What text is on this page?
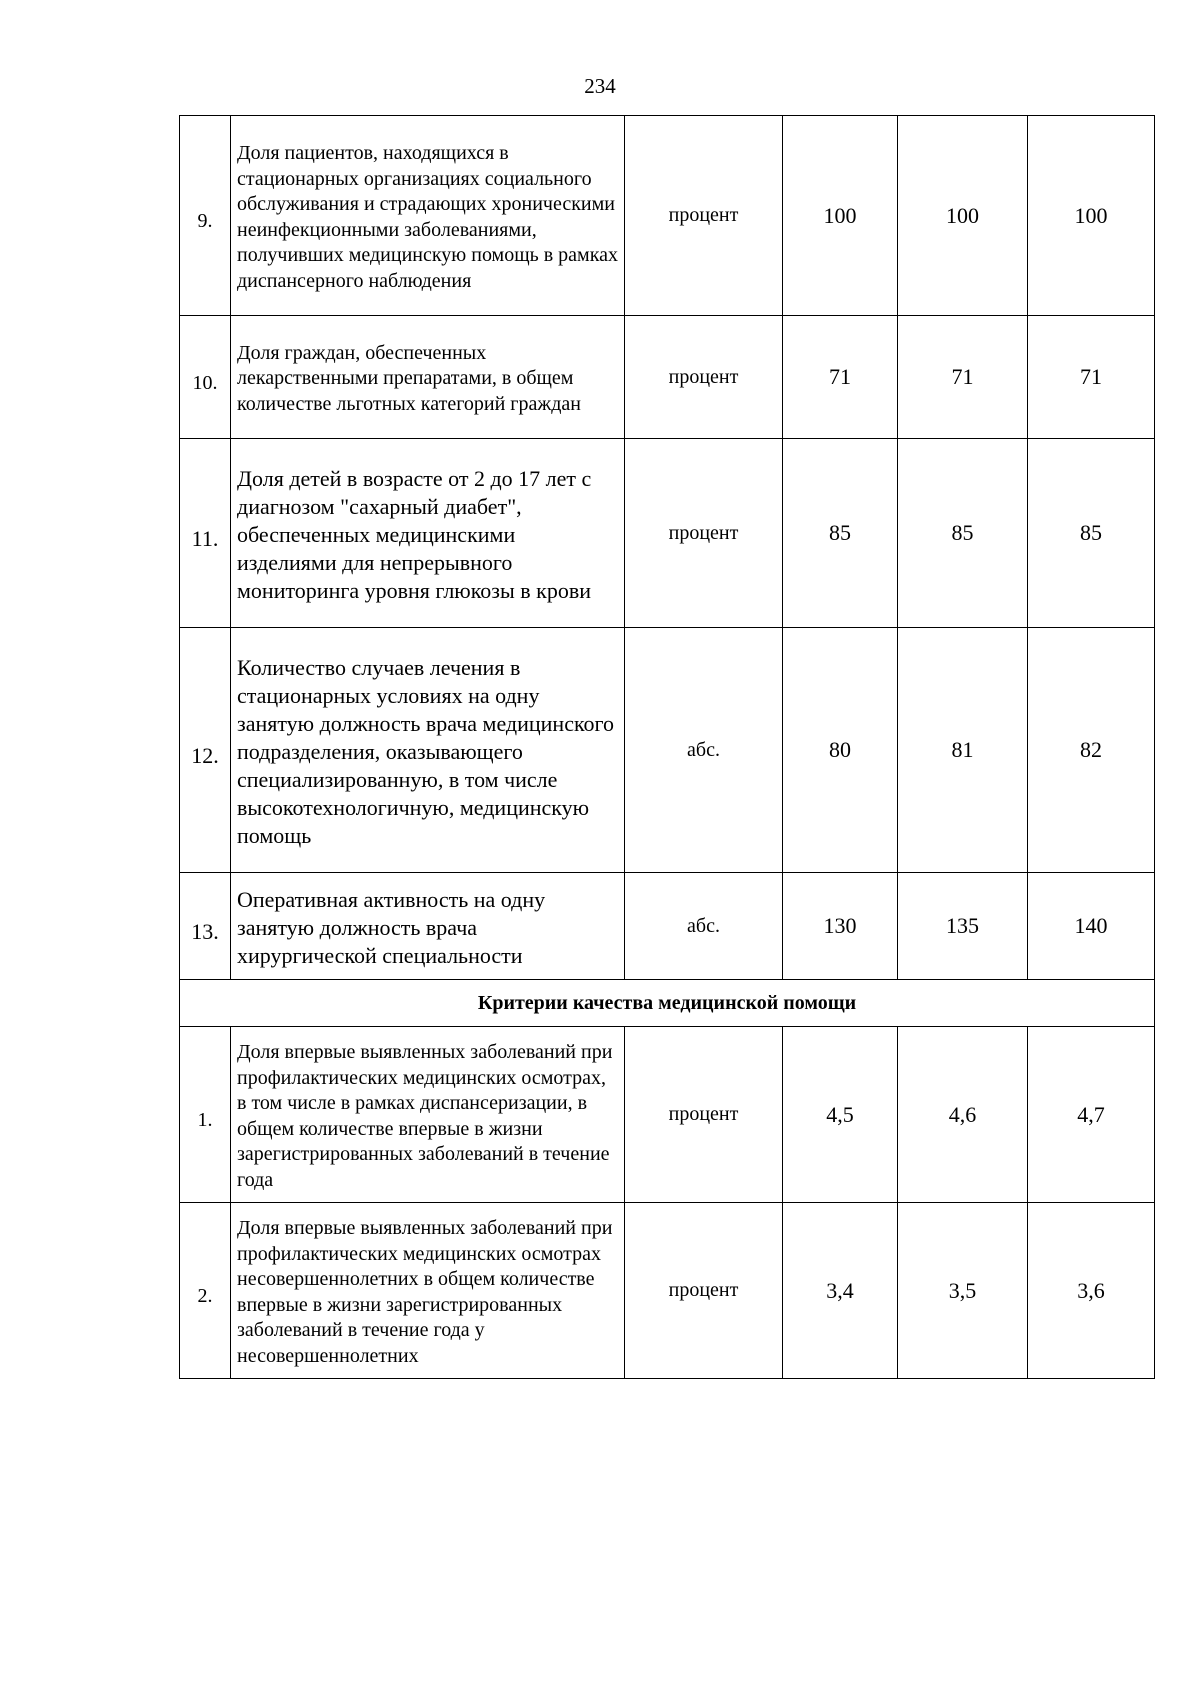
234
9.	Доля пациентов, находящихся в стационарных организациях социального обслуживания и страдающих хроническими неинфекционными заболеваниями, получивших медицинскую помощь в рамках диспансерного наблюдения	процент	100	100	100
10.	Доля граждан, обеспеченных лекарственными препаратами, в общем количестве льготных категорий граждан	процент	71	71	71
11.	Доля детей в возрасте от 2 до 17 лет с диагнозом "сахарный диабет", обеспеченных медицинскими изделиями для непрерывного мониторинга уровня глюкозы в крови	процент	85	85	85
12.	Количество случаев лечения в стационарных условиях на одну занятую должность врача медицинского подразделения, оказывающего специализированную, в том числе высокотехнологичную, медицинскую помощь	абс.	80	81	82
13.	Оперативная активность на одну занятую должность врача хирургической специальности	абс.	130	135	140
Критерии качества медицинской помощи					
1.	Доля впервые выявленных заболеваний при профилактических медицинских осмотрах, в том числе в рамках диспансеризации, в общем количестве впервые в жизни зарегистрированных заболеваний в течение года	процент	4,5	4,6	4,7
2.	Доля впервые выявленных заболеваний при профилактических медицинских осмотрах несовершеннолетних в общем количестве впервые в жизни зарегистрированных заболеваний в течение года у несовершеннолетних	процент	3,4	3,5	3,6
